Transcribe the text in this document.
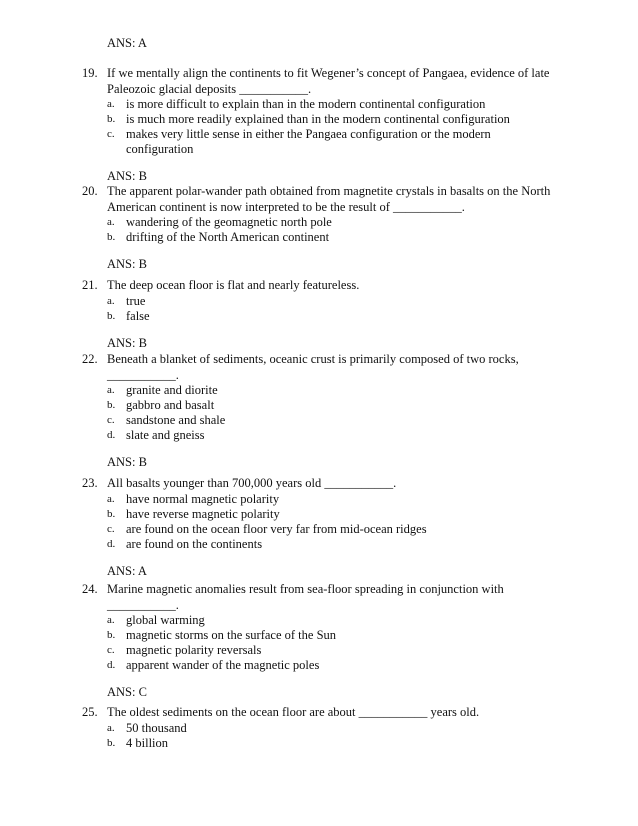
ANS: A
19. If we mentally align the continents to fit Wegener’s concept of Pangaea, evidence of late Paleozoic glacial deposits ___________.
a. is more difficult to explain than in the modern continental configuration
b. is much more readily explained than in the modern continental configuration
c. makes very little sense in either the Pangaea configuration or the modern configuration
ANS: B
20. The apparent polar-wander path obtained from magnetite crystals in basalts on the North American continent is now interpreted to be the result of ___________.
a. wandering of the geomagnetic north pole
b. drifting of the North American continent
ANS: B
21. The deep ocean floor is flat and nearly featureless.
a. true
b. false
ANS: B
22. Beneath a blanket of sediments, oceanic crust is primarily composed of two rocks, ___________.
a. granite and diorite
b. gabbro and basalt
c. sandstone and shale
d. slate and gneiss
ANS: B
23. All basalts younger than 700,000 years old ___________.
a. have normal magnetic polarity
b. have reverse magnetic polarity
c. are found on the ocean floor very far from mid-ocean ridges
d. are found on the continents
ANS: A
24. Marine magnetic anomalies result from sea-floor spreading in conjunction with ___________.
a. global warming
b. magnetic storms on the surface of the Sun
c. magnetic polarity reversals
d. apparent wander of the magnetic poles
ANS: C
25. The oldest sediments on the ocean floor are about ___________ years old.
a. 50 thousand
b. 4 billion
